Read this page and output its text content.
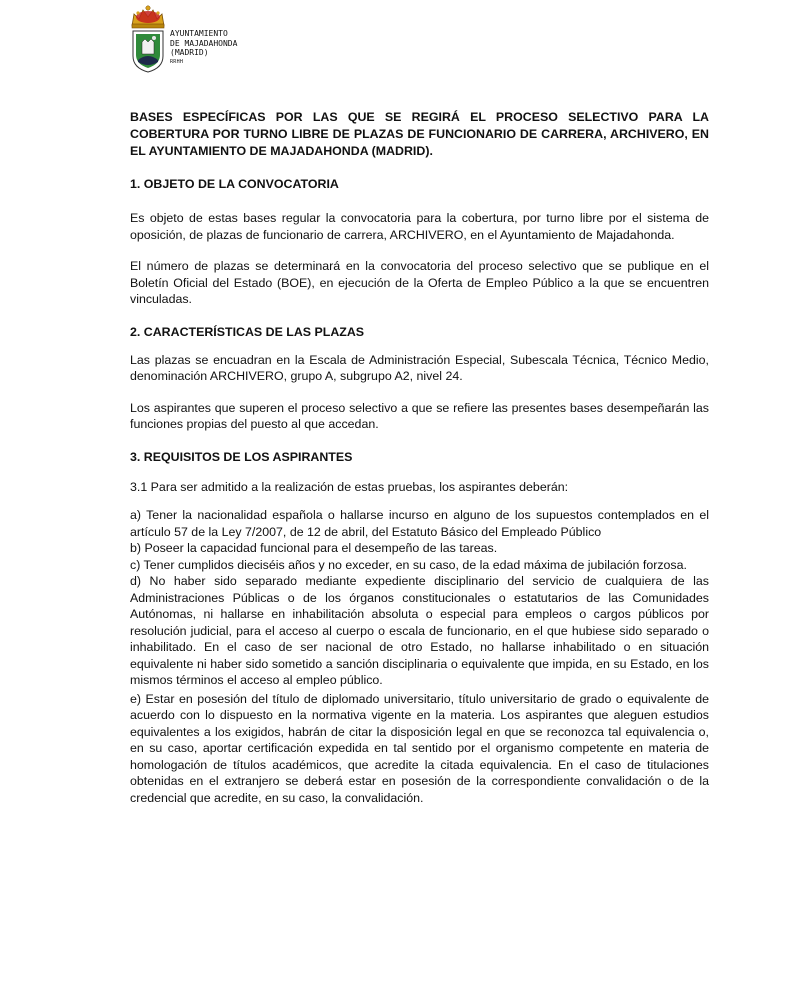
AYUNTAMIENTO
DE MAJADAHONDA
(MADRID)
RRHH
BASES ESPECÍFICAS POR LAS QUE SE REGIRÁ EL PROCESO SELECTIVO PARA LA COBERTURA POR TURNO LIBRE DE PLAZAS DE FUNCIONARIO DE CARRERA, ARCHIVERO, EN EL AYUNTAMIENTO DE MAJADAHONDA (MADRID).
1. OBJETO DE LA CONVOCATORIA

Es objeto de estas bases regular la convocatoria para la cobertura, por turno libre por el sistema de oposición, de plazas de funcionario de carrera, ARCHIVERO, en el Ayuntamiento de Majadahonda.

El número de plazas se determinará en la convocatoria del proceso selectivo que se publique en el Boletín Oficial del Estado (BOE), en ejecución de la Oferta de Empleo Público a la que se encuentren vinculadas.

2. CARACTERÍSTICAS DE LAS PLAZAS

Las plazas se encuadran en la Escala de Administración Especial, Subescala Técnica, Técnico Medio, denominación ARCHIVERO, grupo A, subgrupo A2, nivel 24.

Los aspirantes que superen el proceso selectivo a que se refiere las presentes bases desempeñarán las funciones propias del puesto al que accedan.

3. REQUISITOS DE LOS ASPIRANTES
3.1 Para ser admitido a la realización de estas pruebas, los aspirantes deberán:
a) Tener la nacionalidad española o hallarse incurso en alguno de los supuestos contemplados en el artículo 57 de la Ley 7/2007, de 12 de abril, del Estatuto Básico del Empleado Público
b) Poseer la capacidad funcional para el desempeño de las tareas.
c) Tener cumplidos dieciséis años y no exceder, en su caso, de la edad máxima de jubilación forzosa.
d) No haber sido separado mediante expediente disciplinario del servicio de cualquiera de las Administraciones Públicas o de los órganos constitucionales o estatutarios de las Comunidades Autónomas, ni hallarse en inhabilitación absoluta o especial para empleos o cargos públicos por resolución judicial, para el acceso al cuerpo o escala de funcionario, en el que hubiese sido separado o inhabilitado. En el caso de ser nacional de otro Estado, no hallarse inhabilitado o en situación equivalente ni haber sido sometido a sanción disciplinaria o equivalente que impida, en su Estado, en los mismos términos el acceso al empleo público.
e) Estar en posesión del título de diplomado universitario, título universitario de grado o equivalente de acuerdo con lo dispuesto en la normativa vigente en la materia. Los aspirantes que aleguen estudios equivalentes a los exigidos, habrán de citar la disposición legal en que se reconozca tal equivalencia o, en su caso, aportar certificación expedida en tal sentido por el organismo competente en materia de homologación de títulos académicos, que acredite la citada equivalencia. En el caso de titulaciones obtenidas en el extranjero se deberá estar en posesión de la correspondiente convalidación o de la credencial que acredite, en su caso, la convalidación.
